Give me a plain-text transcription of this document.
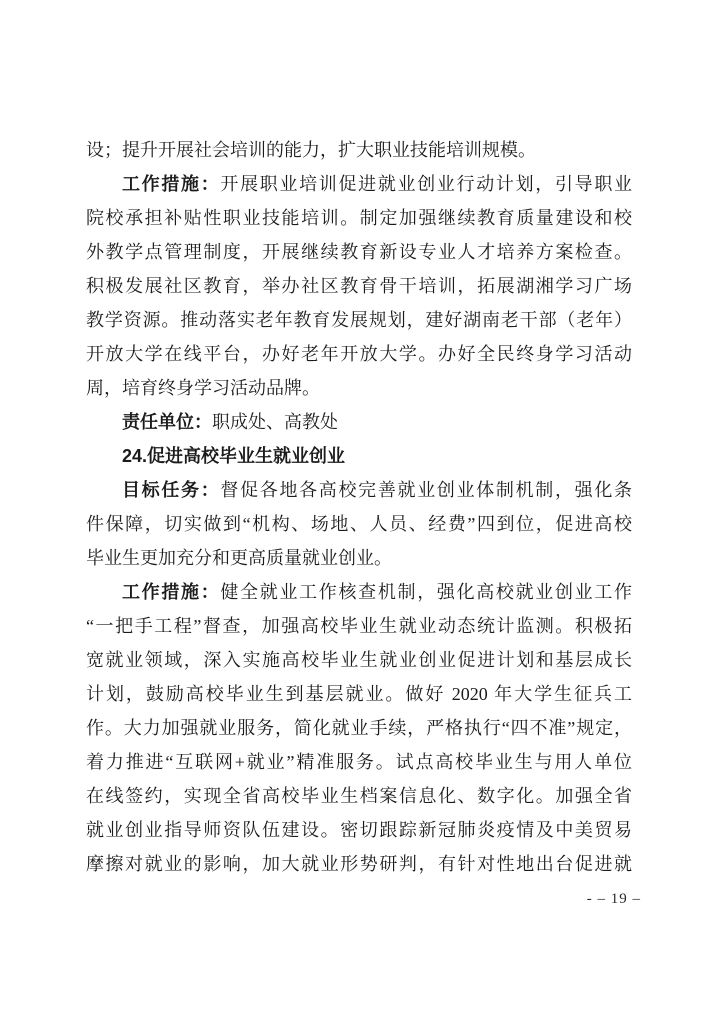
设；提升开展社会培训的能力，扩大职业技能培训规模。
工作措施：开展职业培训促进就业创业行动计划，引导职业
院校承担补贴性职业技能培训。制定加强继续教育质量建设和校
外教学点管理制度，开展继续教育新设专业人才培养方案检查。
积极发展社区教育，举办社区教育骨干培训，拓展湖湘学习广场
教学资源。推动落实老年教育发展规划，建好湖南老干部（老年）
开放大学在线平台，办好老年开放大学。办好全民终身学习活动
周，培育终身学习活动品牌。
责任单位：职成处、高教处
24.促进高校毕业生就业创业
目标任务：督促各地各高校完善就业创业体制机制，强化条
件保障，切实做到“机构、场地、人员、经费”四到位，促进高校
毕业生更加充分和更高质量就业创业。
工作措施：健全就业工作核查机制，强化高校就业创业工作
“一把手工程”督查，加强高校毕业生就业动态统计监测。积极拓
宽就业领域，深入实施高校毕业生就业创业促进计划和基层成长
计划，鼓励高校毕业生到基层就业。做好 2020 年大学生征兵工
作。大力加强就业服务，简化就业手续，严格执行“四不准”规定，
着力推进“互联网+就业”精准服务。试点高校毕业生与用人单位
在线签约，实现全省高校毕业生档案信息化、数字化。加强全省
就业创业指导师资队伍建设。密切跟踪新冠肺炎疫情及中美贸易
摩擦对就业的影响，加大就业形势研判，有针对性地出台促进就
- – 19 –
